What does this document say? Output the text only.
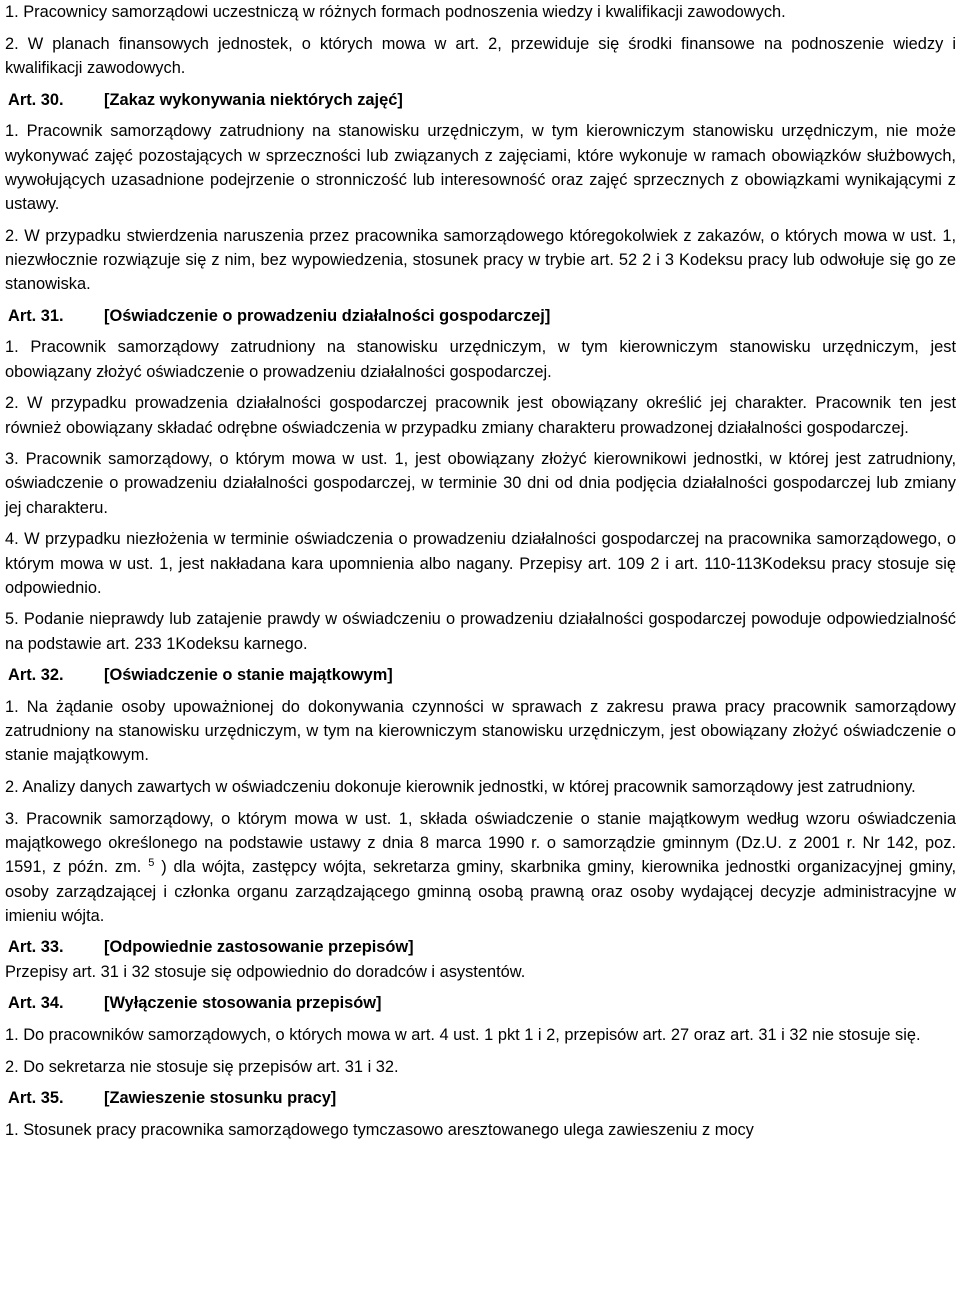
1. Pracownicy samorządowi uczestniczą w różnych formach podnoszenia wiedzy i kwalifikacji zawodowych.

2. W planach finansowych jednostek, o których mowa w art. 2, przewiduje się środki finansowe na podnoszenie wiedzy i kwalifikacji zawodowych.

Art. 30. [Zakaz wykonywania niektórych zajęć]

1. Pracownik samorządowy zatrudniony na stanowisku urzędniczym, w tym kierowniczym stanowisku urzędniczym, nie może wykonywać zajęć pozostających w sprzeczności lub związanych z zajęciami, które wykonuje w ramach obowiązków służbowych, wywołujących uzasadnione podejrzenie o stronniczość lub interesowność oraz zajęć sprzecznych z obowiązkami wynikającymi z ustawy.

2. W przypadku stwierdzenia naruszenia przez pracownika samorządowego któregokolwiek z zakazów, o których mowa w ust. 1, niezwłocznie rozwiązuje się z nim, bez wypowiedzenia, stosunek pracy w trybie art. 52 2 i 3 Kodeksu pracy lub odwołuje się go ze stanowiska.

Art. 31. [Oświadczenie o prowadzeniu działalności gospodarczej]

1. Pracownik samorządowy zatrudniony na stanowisku urzędniczym, w tym kierowniczym stanowisku urzędniczym, jest obowiązany złożyć oświadczenie o prowadzeniu działalności gospodarczej.

2. W przypadku prowadzenia działalności gospodarczej pracownik jest obowiązany określić jej charakter. Pracownik ten jest również obowiązany składać odrębne oświadczenia w przypadku zmiany charakteru prowadzonej działalności gospodarczej.

3. Pracownik samorządowy, o którym mowa w ust. 1, jest obowiązany złożyć kierownikowi jednostki, w której jest zatrudniony, oświadczenie o prowadzeniu działalności gospodarczej, w terminie 30 dni od dnia podjęcia działalności gospodarczej lub zmiany jej charakteru.

4. W przypadku niezłożenia w terminie oświadczenia o prowadzeniu działalności gospodarczej na pracownika samorządowego, o którym mowa w ust. 1, jest nakładana kara upomnienia albo nagany. Przepisy art. 109 2 i art. 110-113Kodeksu pracy stosuje się odpowiednio.

5. Podanie nieprawdy lub zatajenie prawdy w oświadczeniu o prowadzeniu działalności gospodarczej powoduje odpowiedzialność na podstawie art. 233 1Kodeksu karnego.

Art. 32. [Oświadczenie o stanie majątkowym]

1. Na żądanie osoby upoważnionej do dokonywania czynności w sprawach z zakresu prawa pracy pracownik samorządowy zatrudniony na stanowisku urzędniczym, w tym na kierowniczym stanowisku urzędniczym, jest obowiązany złożyć oświadczenie o stanie majątkowym.

2. Analizy danych zawartych w oświadczeniu dokonuje kierownik jednostki, w której pracownik samorządowy jest zatrudniony.

3. Pracownik samorządowy, o którym mowa w ust. 1, składa oświadczenie o stanie majątkowym według wzoru oświadczenia majątkowego określonego na podstawie ustawy z dnia 8 marca 1990 r. o samorządzie gminnym (Dz.U. z 2001 r. Nr 142, poz. 1591, z późn. zm. $^5$ ) dla wójta, zastępcy wójta, sekretarza gminy, skarbnika gminy, kierownika jednostki organizacyjnej gminy, osoby zarządzającej i członka organu zarządzającego gminną osobą prawną oraz osoby wydającej decyzje administracyjne w imieniu wójta.

Art. 33. [Odpowiednie zastosowanie przepisów]

Przepisy art. 31 i 32 stosuje się odpowiednio do doradców i asystentów.

Art. 34. [Wyłączenie stosowania przepisów]

1. Do pracowników samorządowych, o których mowa w art. 4 ust. 1 pkt 1 i 2, przepisów art. 27 oraz art. 31 i 32 nie stosuje się.

2. Do sekretarza nie stosuje się przepisów art. 31 i 32.

Art. 35. [Zawieszenie stosunku pracy]

1. Stosunek pracy pracownika samorządowego tymczasowo aresztowanego ulega zawieszeniu z mocy
